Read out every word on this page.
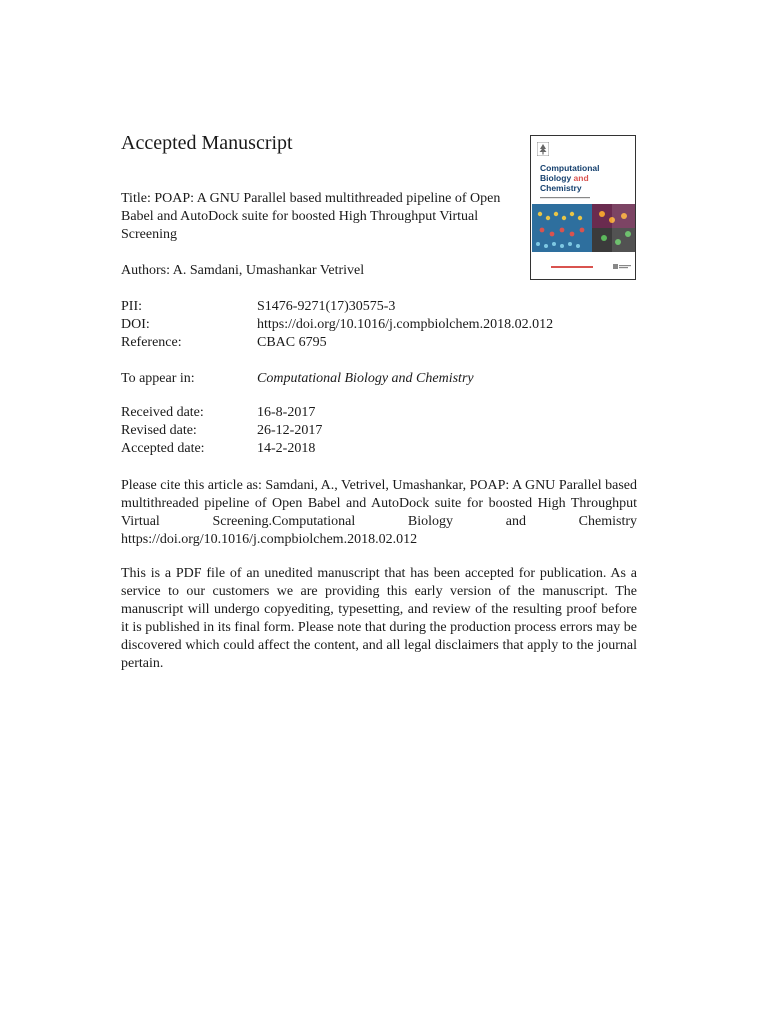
Accepted Manuscript
Title: POAP: A GNU Parallel based multithreaded pipeline of Open Babel and AutoDock suite for boosted High Throughput Virtual Screening
Authors: A. Samdani, Umashankar Vetrivel
PII:	S1476-9271(17)30575-3
DOI:	https://doi.org/10.1016/j.compbiolchem.2018.02.012
Reference:	CBAC 6795
To appear in:	Computational Biology and Chemistry
Received date:	16-8-2017
Revised date:	26-12-2017
Accepted date:	14-2-2018
Please cite this article as: Samdani, A., Vetrivel, Umashankar, POAP: A GNU Parallel based multithreaded pipeline of Open Babel and AutoDock suite for boosted High Throughput Virtual Screening.Computational Biology and Chemistry https://doi.org/10.1016/j.compbiolchem.2018.02.012
This is a PDF file of an unedited manuscript that has been accepted for publication. As a service to our customers we are providing this early version of the manuscript. The manuscript will undergo copyediting, typesetting, and review of the resulting proof before it is published in its final form. Please note that during the production process errors may be discovered which could affect the content, and all legal disclaimers that apply to the journal pertain.
Computational
Biology and
Chemistry
